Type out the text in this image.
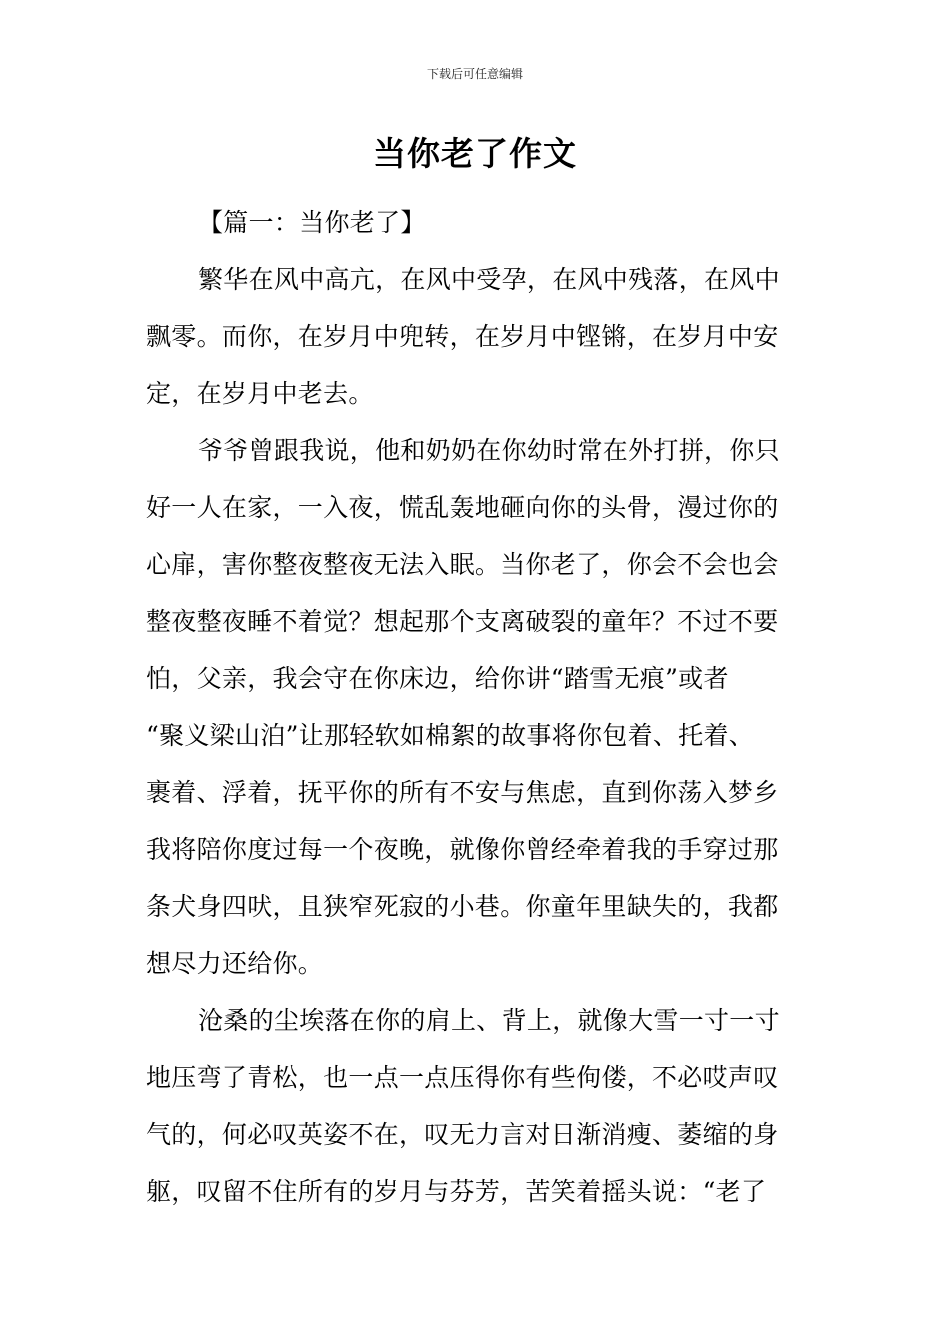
下载后可任意编辑
当你老了作文

【篇一：当你老了】

繁华在风中高亢，在风中受孕，在风中残落，在风中
飘零。而你，在岁月中兜转，在岁月中铿锵，在岁月中安
定，在岁月中老去。

爷爷曾跟我说，他和奶奶在你幼时常在外打拼，你只
好一人在家，一入夜，慌乱轰地砸向你的头骨，漫过你的
心扉，害你整夜整夜无法入眠。当你老了，你会不会也会
整夜整夜睡不着觉？想起那个支离破裂的童年？不过不要
怕，父亲，我会守在你床边，给你讲“踏雪无痕”或者
“聚义梁山泊”让那轻软如棉絮的故事将你包着、托着、
裹着、浮着，抚平你的所有不安与焦虑，直到你荡入梦乡
我将陪你度过每一个夜晚，就像你曾经牵着我的手穿过那
条犬身四吠，且狭窄死寂的小巷。你童年里缺失的，我都
想尽力还给你。

沧桑的尘埃落在你的肩上、背上，就像大雪一寸一寸
地压弯了青松，也一点一点压得你有些佝偻，不必哎声叹
气的，何必叹英姿不在，叹无力言对日渐消瘦、萎缩的身
躯，叹留不住所有的岁月与芬芳，苦笑着摇头说：“老了
